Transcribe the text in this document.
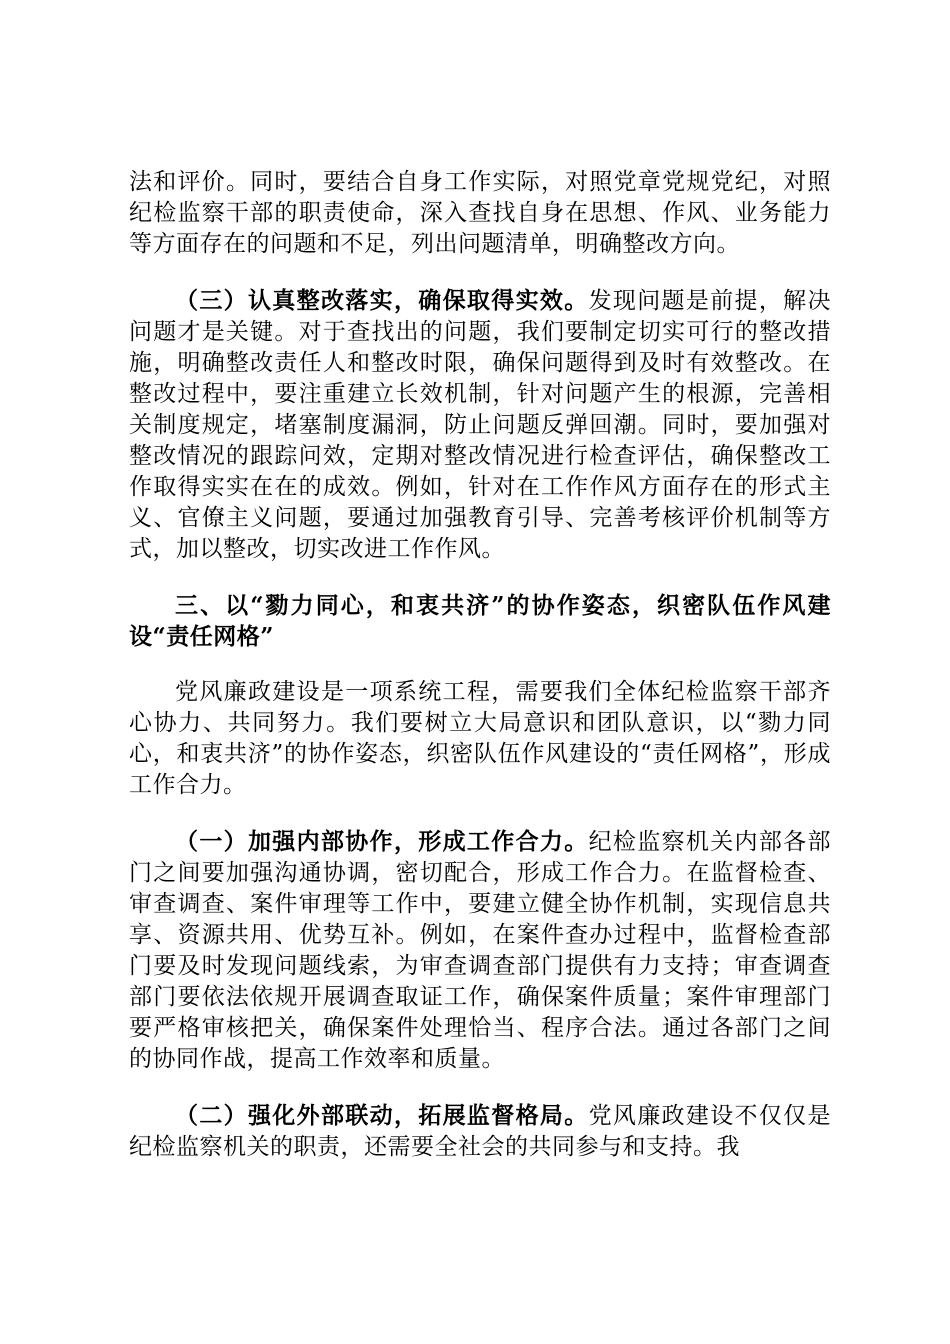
法和评价。同时，要结合自身工作实际，对照党章党规党纪，对照纪检监察干部的职责使命，深入查找自身在思想、作风、业务能力等方面存在的问题和不足，列出问题清单，明确整改方向。

（三）认真整改落实，确保取得实效。发现问题是前提，解决问题才是关键。对于查找出的问题，我们要制定切实可行的整改措施，明确整改责任人和整改时限，确保问题得到及时有效整改。在整改过程中，要注重建立长效机制，针对问题产生的根源，完善相关制度规定，堵塞制度漏洞，防止问题反弹回潮。同时，要加强对整改情况的跟踪问效，定期对整改情况进行检查评估，确保整改工作取得实实在在的成效。例如，针对在工作作风方面存在的形式主义、官僚主义问题，要通过加强教育引导、完善考核评价机制等方式，加以整改，切实改进工作作风。

三、以“勠力同心，和衷共济”的协作姿态，织密队伍作风建设“责任网格”

党风廉政建设是一项系统工程，需要我们全体纪检监察干部齐心协力、共同努力。我们要树立大局意识和团队意识，以“勠力同心，和衷共济”的协作姿态，织密队伍作风建设的“责任网格”，形成工作合力。

（一）加强内部协作，形成工作合力。纪检监察机关内部各部门之间要加强沟通协调，密切配合，形成工作合力。在监督检查、审查调查、案件审理等工作中，要建立健全协作机制，实现信息共享、资源共用、优势互补。例如，在案件查办过程中，监督检查部门要及时发现问题线索，为审查调查部门提供有力支持；审查调查部门要依法依规开展调查取证工作，确保案件质量；案件审理部门要严格审核把关，确保案件处理恰当、程序合法。通过各部门之间的协同作战，提高工作效率和质量。

（二）强化外部联动，拓展监督格局。党风廉政建设不仅仅是纪检监察机关的职责，还需要全社会的共同参与和支持。我
